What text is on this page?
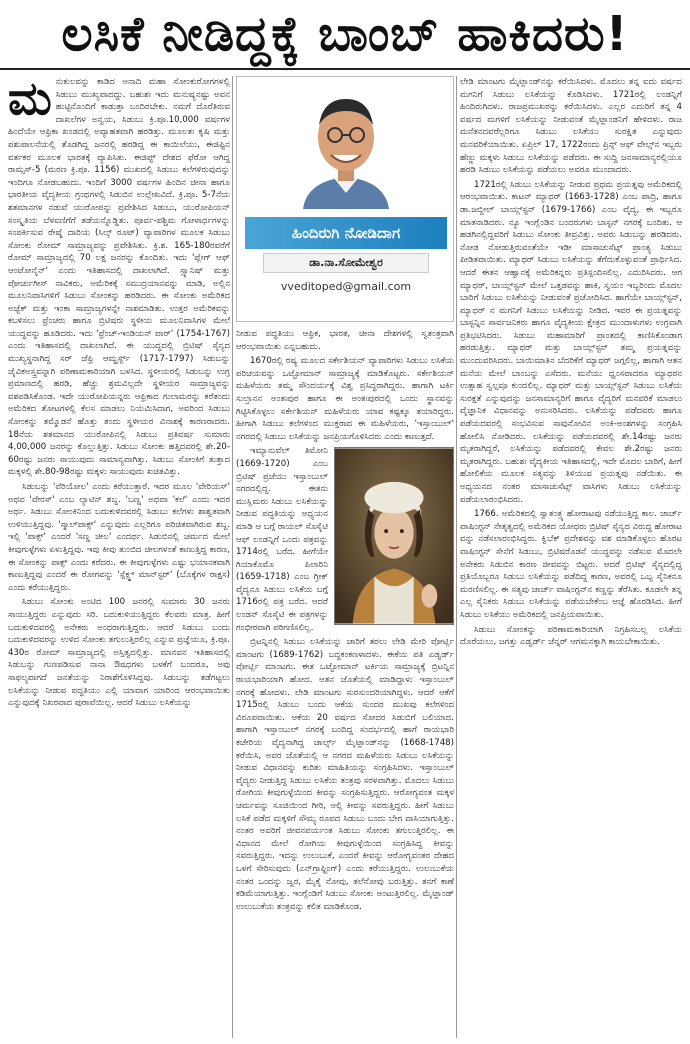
ಲಸಿಕೆ ನೀಡಿದ್ದಕ್ಕೆ ಬಾಂಬ್ ಹಾಕಿದರು!

ಮನುಕುಲವನ್ನು ಕಾಡಿದ ಅನಾದಿ ಮಹಾ ಸೋಂಕುರೋಗಗಳಲ್ಲಿ ಸಿಡುಬು ಮುಖ್ಯವಾದದ್ದು. ಬಹುಶಃ ಇದು ಮನುಷ್ಯನಷ್ಟು ಅವನ ಹುಟ್ಟಿನೊಂದಿಗೆ ಕಾಡುತ್ತಾ ಬಂದಿರಬೇಕು. ನಮಗೆ ದೊರೆತಿರುವ ದಾಖಲೆಗಳ ಅನ್ವಯ, ಸಿಡುಬು ಕ್ರಿ.ಪೂ.10,000 ವರ್ಷಗಳ ಹಿಂದೆಯೇ ಆಫ್ರಿಕಾ ಖಂಡದಲ್ಲಿ ಅವ್ಯಾಹತವಾಗಿ ಹರಡಿತ್ತು. ಮೂಲತಃ ಕೃಷಿ ಮತ್ತು ಪಶುಪಾಲನೆಯಲ್ಲಿ ತೊಡಗಿದ್ದ ಜನರಲ್ಲಿ ಹರಡಿದ್ದ ಈ ಕಾಯಿಲೆಯು, ಈಜಿಪ್ಟಿನ ವರ್ತಕರ ಮೂಲಕ ಭಾರತಕ್ಕೆ ವ್ಯಾಪಿಸಿತು. ಈಜಿಪ್ಟ್ ದೇಶದ ಫೆರೋ ಆಗಿದ್ದ ರಾಮ್ಸಸ್-5 (ಮರಣ ಕ್ರಿ.ಪೂ. 1156) ಮುಖದಲ್ಲಿ ಸಿಡುಬು ಕಲೆಗಳಿರುವುದನ್ನು ಇಂದಿಗೂ ನೋಡಬಹುದು. ಇಂದಿಗೆ 3000 ವರ್ಷಗಳ ಹಿಂದಿನ ಚೀನಾ ಹಾಗೂ ಭಾರತೀಯ ವೈದ್ಯಕೀಯ ಗ್ರಂಥಗಳಲ್ಲಿ ಸಿಡುಬಿನ ಉಲ್ಲೇಖವಿದೆ. ಕ್ರಿ.ಪೂ. 5-7ನೆಯ ಶತಮಾನಗಳ ನಡುವೆ ಯುರೋಪನ್ನು ಪ್ರವೇಶಿಸಿದ ಸಿಡುಬು, ಯುರೋಪಿಯನ್ ಸಂಸ್ಕೃತಿಯ ಬೆಳವಣಿಗೆಗೆ ತಡೆಯನ್ನೊಡ್ಡಿತು. ಪೂರ್ವ-ಪಶ್ಚಿಮ ಗೋಳಾರ್ಧಗಳನ್ನು ಸಂಪರ್ಕಿಸುವ ರೇಷ್ಮೆ ದಾರಿಯ (ಸಿಲ್ಕ್ ರೂಟ್) ವ್ಯಾಪಾರಿಗಳ ಮೂಲಕ ಸಿಡುಬು ಸೋಂಕು ರೋಮ್ ಸಾಮ್ರಾಜ್ಯವನ್ನು ಪ್ರವೇಶಿಸಿತು. ಕ್ರಿ.ಶ. 165-180ರವರೆಗೆ ರೋಮ್ ಸಾಮ್ರಾಜ್ಯದಲ್ಲಿ 70 ಲಕ್ಷ ಜನರನ್ನು ಕೊಂದಿತು. ಇದು 'ಪ್ಲೇಗ್ ಆಫ್ ಆಂಟೋನೈನ್' ಎಂದು ಇತಿಹಾಸದಲ್ಲಿ ದಾಖಲಾಗಿದೆ. ಸ್ಪ್ಯಾನಿಷ್ ಮತ್ತು ಪೋರ್ಚುಗೀಸ್ ನಾವಿಕರು, ಅಮೆರಿಕಕ್ಕೆ ಸಮುದ್ರಯಾನವನ್ನು ಮಾಡಿ, ಅಲ್ಲಿನ ಮೂಲನಿವಾಸಿಗಳಿಗೆ ಸಿಡುಬು ಸೋಂಕನ್ನು ಹರಡಿದರು. ಈ ಸೋಂಕು ಅಮೆರಿಕದ ಅಜ್ಟೆಕ್ ಮತ್ತು ಇಂಕಾ ಸಾಮ್ರಾಜ್ಯಗಳನ್ನೇ ನಾಶಮಾಡಿತು. ಉತ್ತರ ಅಮೆರಿಕವನ್ನು ಕಬಳಿಸಲು ಫ್ರೆಂಚರು ಹಾಗೂ ಬ್ರಿಟಿಷರು ಸ್ಥಳೀಯ ಮೂಲನಿವಾಸಿಗಳ ಮೇಲೆ ಯುದ್ಧವನ್ನು ಹೂಡಿದರು. ಇದು 'ಫ್ರೆಂಚ್-ಇಂಡಿಯನ್ ವಾರ್' (1754-1767) ಎಂದು ಇತಿಹಾಸದಲ್ಲಿ ದಾಖಲಾಗಿದೆ. ಈ ಯುದ್ಧದಲ್ಲಿ ಬ್ರಿಟಿಷ್ ಸೈನ್ಯದ ಮುಖ್ಯಸ್ಥನಾಗಿದ್ದ ಸರ್ ಜೆಫ್ರಿ ಆಮ್ಹರ್ಸ್ಟ್ (1717-1797) ಸಿಡುಬನ್ನು ಜೈವಿಕಅಸ್ತ್ರವನ್ನಾಗಿ ಪರಿಣಾಮಕಾರಿಯಾಗಿ ಬಳಸಿದ. ಸ್ಥಳೀಯರಲ್ಲಿ ಸಿಡುಬನ್ನು ಉಗ್ರ ಪ್ರಮಾಣದಲ್ಲಿ ಹರಡಿ, ಹೆಚ್ಚು ಶ್ರಮವಿಲ್ಲದೇ ಸ್ಥಳೀಯರ ಸಾಮ್ರಾಜ್ಯವನ್ನು ವಶಪಡಿಸಿಕೊಂಡ. ಇದೇ ಯುರೋಪಿಯನ್ನರು ಆಫ್ರಿಕಾದ ಗುಲಾಮರನ್ನು ಕರೆತಂದು ಅಮೆರಿಕದ ತೋಟಗಳಲ್ಲಿ ಕೆಲಸ ಮಾಡಲು ನಿಯಮಿಸಿದಾಗ, ಅವರಿಂದ ಸಿಡುಬು ಸೋಂಕನ್ನು ತಮ್ಮೊಡನೆ ಹೊತ್ತು ತಂದು ಸ್ಥಳೀಯರ ವಿನಾಶಕ್ಕೆ ಕಾರಣರಾದರು. 18ನೆಯ ಶತಮಾನದ ಯುರೋಪಿನಲ್ಲಿ ಸಿಡುಬು ಪ್ರತಿವರ್ಷ ಸುಮಾರು 4,00,000 ಜನರನ್ನು ಕೊಲ್ಲುತ್ತಿತ್ತು. ಸಿಡುಬು ಸೋಂಕು ಹತ್ತಿದವರಲ್ಲಿ ಶೇ.20-60ರಷ್ಟು ಜನರು ಸಾಯುವುದು ಸಾಮಾನ್ಯವಾಗಿತ್ತು. ಸಿಡುಬು ಸೋಂಕಿಗೆ ತುತ್ತಾದ ಮಕ್ಕಳಲ್ಲಿ ಶೇ.80-98ರಷ್ಟು ಮಕ್ಕಳು ಸಾಯುವುದು ಖಚಿತವಿತ್ತು.

ಸಿಡುಬನ್ನು 'ವೆರಿಯೋಲ' ಎಂದು ಕರೆಯುತ್ತಾರೆ. ಇದರ ಮೂಲ 'ವೇರಿಯಸ್' ಅಥವ 'ವೇರಸ್' ಎಂಬ ಲ್ಯಾಟಿನ್ ಶಬ್ದ. 'ಬಣ್ಣ' ಅಥವಾ 'ಕಲೆ' ಎಂದು ಇದರ ಅರ್ಥ. ಸಿಡುಬು ಸೋಂಕಿನಿಂದ ಬದುಕುಳಿದವರಲ್ಲಿ ಸಿಡುಬು ಕಲೆಗಳು ಶಾಶ್ವತವಾಗಿ ಉಳಿಯುತ್ತಿದ್ದವು. 'ಸ್ಮಾಲ್‌ಪಾಕ್ಸ್' ಎನ್ನುವುದು ಎಲ್ಲರಿಗೂ ಪರಿಚಿತವಾಗಿರುವ ಶಬ್ದ. ಇಲ್ಲಿ 'ಪಾಕ್ಸ್' ಎಂದರೆ 'ಸಣ್ಣ ಚೀಲ' ಎಂದರ್ಥ. ಸಿಡುಬಿನಲ್ಲಿ ಚರ್ಮದ ಮೇಲೆ ಕೀವುಗುಳ್ಳೆಗಳು ಏಳುತ್ತಿದ್ದವು. ಇವು ಕೀವು ತುಂಬಿದ ಚೀಲಗಳಂತೆ ಕಾಣುತ್ತಿದ್ದ ಕಾರಣ, ಈ ಸೋಂಕನ್ನು ಪಾಕ್ಸ್ ಎಂದು ಕರೆದರು. ಈ ಕೀವುಗುಳ್ಳೆಗಳು ಎಷ್ಟು ಭಯಾನಕವಾಗಿ ಕಾಣುತ್ತಿದ್ದವು ಎಂದರೆ ಈ ರೋಗವನ್ನು 'ಸ್ಪೆಕ್ಲ್ಡ್ ಮಾನ್‌ಸ್ಟರ್' (ಬೊಕ್ಕೆಗಳ ರಾಕ್ಷಸ) ಎಂದು ಕರೆಯುತ್ತಿದ್ದರು.

ಸಿಡುಬು ಸೋಂಕು ಅಂಟಿದ 100 ಜನರಲ್ಲಿ ಸುಮಾರು 30 ಜನರು ಸಾಯುತ್ತಿದ್ದರು ಎನ್ನುವುದು ಸರಿ. ಬದುಕುಳಿಯುತ್ತಿದ್ದರು ಕೆಲವರು ಮಾತ್ರ. ಹೀಗೆ ಬದುಕುಳಿದವರಲ್ಲಿ ಅನೇಕರು ಅಂಧರಾಗುತ್ತಿದ್ದರು. ಆದರೆ ಸಿಡುಬು ಬಂದು ಬದುಕುಳಿದವರನ್ನು ಉಳಿದ ಸೋಂಕು ತಗುಲುತ್ತಿರಲಿಲ್ಲ ಎನ್ನುವ ಪ್ರಜ್ಞೆಯೂ, ಕ್ರಿ.ಪೂ. 430ರ ರೋಮ್ ಸಾಮ್ರಾಜ್ಯದಲ್ಲಿ ಅಸ್ತಿತ್ವದಲ್ಲಿತ್ತು. ಮಾನವನ ಇತಿಹಾಸದಲ್ಲಿ ಸಿಡುಬನ್ನು ಗುಣಪಡಿಸುವ ನಾನಾ ಔಷಧಗಳು ಬಳಕೆಗೆ ಬಂದರೂ, ಅವು ಸಾಫಲ್ಯವಾಗದೆ ಜನತೆಯನ್ನು ನಿರಾಶೆಗೊಳಿಸಿದ್ದವು. ಸಿಡುಬನ್ನು ತಡೆಗಟ್ಟಲು ಲಸಿಕೆಯನ್ನು ನೀಡುವ ಪದ್ಧತಿಯು ಎಲ್ಲಿ ಯಾವಾಗ ಯಾರಿಂದ ಆರಂಭವಾಯಿತು ಎನ್ನುವುದಕ್ಕೆ ನಿಖರವಾದ ಪುರಾವೆಯಿಲ್ಲ. ಆದರೆ ಸಿಡುಬು ಲಸಿಕೆಯನ್ನು

ಹಿಂದಿರುಗಿ ನೋಡಿದಾಗ
ಡಾ.ನಾ.ಸೋಮೇಶ್ವರ
vveditoped@gmail.com

ನೀಡುವ ಪದ್ಧತಿಯು ಆಫ್ರಿಕ, ಭಾರತ, ಚೀನಾ ದೇಶಗಳಲ್ಲಿ ಸ್ವತಂತ್ರವಾಗಿ ಆರಂಭವಾಯಿತು ಎನ್ನಬಹುದು.

1670ರಲ್ಲಿ ರಷ್ಯ ಮೂಲದ ಸರ್ಕೇಶಿಯನ್ ವ್ಯಾಪಾರಿಗಳು ಸಿಡುಬು ಲಸಿಕೆಯ ಪರಿಚಯವನ್ನು ಒಟ್ಟೋಮಾನ್ ಸಾಮ್ರಾಜ್ಯಕ್ಕೆ ಮಾಡಿಕೊಟ್ಟರು. ಸರ್ಕೇಶಿಯನ್ ಮಹಿಳೆಯರು ತಮ್ಮ ಸೌಂದರ್ಯಕ್ಕೆ ವಿಶ್ವ ಪ್ರಸಿದ್ಧರಾಗಿದ್ದರು. ಹಾಗಾಗಿ ಟರ್ಕಿ ಸುಲ್ತಾನನ ಅಂತಃಪುರ ಹಾಗೂ ಈ ಅಂತಃಪುರದಲ್ಲಿ ಒಂದು ಸ್ಥಾನವನ್ನು ಗಿಟ್ಟಿಸಿಕೊಳ್ಳಲು ಸರ್ಕೇಶಿಯನ್ ಮಹಿಳೆಯರು ಯಾವ ಕಷ್ಟಕ್ಕೂ ತಯಾರಿದ್ದರು. ಹೀಗಾಗಿ ಸಿಡುಬು ಕಲೆಗಳಿಂದ ಮುಕ್ತರಾದ ಈ ಮಹಿಳೆಯರು, 'ಇಸ್ತಾಂಬುಲ್' ನಗರದಲ್ಲಿ ಸಿಡುಬು ಲಸಿಕೆಯನ್ನು ಜನಪ್ರಿಯಗೊಳಿಸಿದರು ಎಂದು ಕಾಣುತ್ತದೆ.

ಇಮ್ಯಾನುವೆಲ್ ತಿಮೋನಿ (1669-1720) ಎಂಬ ಬ್ರಿಟಿಷ್ ಪ್ರಜೆಯು ಇಸ್ತಾಂಬುಲ್ ನಗರದಲ್ಲಿದ್ದ. ಈತನು ಮುಸ್ಲಿಮರು ಸಿಡುಬು ಲಸಿಕೆಯನ್ನು ನೀಡುವ ಪದ್ಧತಿಯನ್ನು ಅಧ್ಯಯನ ಮಾಡಿ ಆ ಬಗ್ಗೆ ರಾಯಲ್ ಸೊಸೈಟಿ ಆಫ್ ಲಂಡನ್ನಿಗೆ ಒಂದು ಪತ್ರವನ್ನು 1714ರಲ್ಲಿ ಬರೆದ. ಹೀಗೆಯೇ ಗಿಯಾಕೊಮೊ ಪಿಲಾರಿನಿ (1659-1718) ಎಂಬ ಗ್ರೀಕ್ ವೈದ್ಯನೂ ಸಿಡುಬು ಲಸಿಕೆಯ ಬಗ್ಗೆ 1716ರಲ್ಲಿ ಪತ್ರ ಬರೆದ. ಆದರೆ ಲಂಡನ್ ಸೊಸೈಟಿ ಈ ಪತ್ರಗಳನ್ನು ಗಂಭೀರವಾಗಿ ಪರಿಗಣಿಸಲಿಲ್ಲ.

ಬ್ರಿಟನ್ನಿನಲ್ಲಿ ಸಿಡುಬು ಲಸಿಕೆಯನ್ನು ಜಾರಿಗೆ ತರಲು ಲೇಡಿ ಮೇರಿ ವೋರ್ಟ್ಲಿ ಮಾಂಟಗು (1689-1762) ಬದ್ಧಕಂಕಣಳಾದಳು. ಈಕೆಯ ಪತಿ ಎಡ್ವರ್ಡ್ ವೋರ್ಟ್ಲಿ ಮಾಂಟಗು. ಈತ ಒಟ್ಟೋಮಾನ್ ಟರ್ಕಿಯ ಸಾಮ್ರಾಜ್ಯಕ್ಕೆ ಬ್ರಿಟನ್ನಿನ ರಾಯಭಾರಿಯಾಗಿ ಹೋದ. ಆತನ ಜೊತೆಯಲ್ಲಿ ಮಾಡಿದ್ದಾಳು ಇಸ್ತಾಂಬುಲ್ ನಗರಕ್ಕೆ ಹೋದಳು. ಲೇಡಿ ಮಾಂಟಗು ಸುರಸುಂದರಿಯಾಗಿದ್ದಳು. ಆದರೆ ಆಕೆಗೆ 1715ರಲ್ಲಿ ಸಿಡುಬು ಬಂದು ಆಕೆಯ ಸುಂದರ ಮುಖವು ಕಲೆಗಳಿಂದ ವಿರೂಪವಾಯಿತು. ಆಕೆಯ 20 ವರ್ಷದ ಸೋದರ ಸಿಡುಬಿಗೆ ಬಲಿಯಾದ. ಹಾಗಾಗಿ ಇಸ್ತಾಂಬುಲ್ ನಗರಕ್ಕೆ ಬಂದಿದ್ದ ಸಂದರ್ಭದಲ್ಲಿ ಹಾಗೆ ರಾಯಭಾರಿ ಕಚೇರಿಯ ವೈದ್ಯನಾಗಿದ್ದ ಚಾರ್ಲ್ಸ್ ಮೈಟ್ಲಾಂಡ್‌ನನ್ನು (1668-1748) ಕರೆಯಿಸಿ, ಅವರ ಜೊತೆಯಲ್ಲಿ ಆ ನಗರದ ಮಹಿಳೆಯರು ಸಿಡುಬು ಲಸಿಕೆಯನ್ನು ನೀಡುವ ವಿಧಾನವನ್ನು ಕುರಿತು ಮಾಹಿತಿಯನ್ನು ಸಂಗ್ರಹಿಸಿದಳು. ಇಸ್ತಾಂಬುಲ್ ವೈದ್ಯರು ನೀಡುತ್ತಿದ್ದ ಸಿಡುಬು ಲಸಿಕೆಯ ತಂತ್ರವು ಸರಳವಾಗಿತ್ತು. ಮೊದಲು ಸಿಡುಬು ರೋಗಿಯ ಕೀವುಗುಳ್ಳೆಯಿಂದ ಕೀವನ್ನು ಸಂಗ್ರಹಿಸುತ್ತಿದ್ದರು. ಆರೋಗ್ಯವಂತ ಮಕ್ಕಳ ಚರ್ಮವನ್ನು ಸೂಜಿಯಿಂದ ಗೀರಿ, ಅಲ್ಲಿ ಕೀವನ್ನು ಸವರುತ್ತಿದ್ದರು. ಹೀಗೆ ಸಿಡುಬು ಲಸಿಕೆ ಪಡೆದ ಮಕ್ಕಳಿಗೆ ಸೌಮ್ಯ ರೂಪದ ಸಿಡುಬು ಬಂದು ಬೇಗ ವಾಸಿಯಾಗುತ್ತಿತ್ತು. ನಂತರ ಅವರಿಗೆ ಜೀವನಪರ್ಯಂತ ಸಿಡುಬು ಸೋಂಕು ತಗುಲುತ್ತಿರಲಿಲ್ಲ. ಈ ವಿಧಾನದ ಮೇಲೆ ರೋಗಿಯ ಕೀವುಗುಳ್ಳೆಯಿಂದ ಸಂಗ್ರಹಿಸಿದ್ದ ಕೀವನ್ನು ಸವರುತ್ತಿದ್ದರು. ಇದನ್ನು ಉಲುಬುಕೆ, ಎಂದರೆ ಕೀವನ್ನು ಆರೋಗ್ಯವಂತರ ದೇಹದ ಒಳಗೆ ಸೇರಿಸುವುದು (ಎನ್‌ಗ್ರಾಫ್ಟಿಂಗ್) ಎಂದು ಕರೆಯುತ್ತಿದ್ದರು. ಉಲುಬುಕೆಯ ನಂತರ ಒಂದನ್ನು ಜ್ವರ, ಮೈಕೈ ನೋವು, ತಲೆನೋವು ಬರುತ್ತಿತ್ತು. ತನಗೆ ಕಾಣೆ ಕಡಿಮೆಯಾಗುತ್ತಿತ್ತು. ಇಂಗ್ಲೆಂಡಿಗೆ ಸಿಡುಬು ಸೋಂಕು ಅಂಟುತ್ತಿರಲಿಲ್ಲ. ಮೈಟ್ಲಾಂಡ್ ಉಲುಬುಕೆಯ ತಂತ್ರವನ್ನು ಕಲಿತ ಮಾಡಿಕೊಂಡ.

ಲೇಡಿ ಮಾಂಟಗು ಮೈಟ್ಲಾಂಡ್‌ನನ್ನು ಕರೆಯಿಸಿದಳು. ಮೊದಲು ತನ್ನ ಐದು ವರ್ಷದ ಮಗನಿಗೆ ಸಿಡುಬು ಲಸಿಕೆಯನ್ನು ಕೊಡಿಸಿದಳು. 1721ರಲ್ಲಿ ಲಂಡನ್ನಿಗೆ ಹಿಂದಿರುಗಿದಳು. ರಾಜಪ್ರಮುಖರನ್ನು ಕರೆಯಿಸಿದಳು. ಎಲ್ಲರ ಎದುರಿಗೆ ತನ್ನ 4 ವರ್ಷದ ಮಗಳಿಗೆ ಲಸಿಕೆಯನ್ನು ನೀಡುವಂತೆ ಮೈಟ್ಲಾಂಡನಿಗೆ ಹೇಳಿದಳು. ರಾಜ ಮನೆತನದವರೆಲ್ಲರಿಗೂ ಸಿಡುಬು ಲಸಿಕೆಯು ಸುರಕ್ಷಿತ ಎನ್ನುವುದು ಮನವರಿಕೆಯಾಯಿತು. ಏಪ್ರಿಲ್ 17, 1722ರಂದು ಪ್ರಿನ್ಸ್ ಆಫ್ ವೇಲ್ಸ್‌ನ ಇಬ್ಬರು ಹೆಣ್ಣು ಮಕ್ಕಳು ಸಿಡುಬು ಲಸಿಕೆಯನ್ನು ಪಡೆದರು. ಈ ಸುದ್ದಿ ಜನಸಾಮಾನ್ಯರಲ್ಲಿಯೂ ಹರಡಿ ಸಿಡುಬು ಲಸಿಕೆಯನ್ನು ಪಡೆಯಲು ಅವರೂ ಮುಂದಾದರು.

1721ರಲ್ಲಿ ಸಿಡುಬು ಲಸಿಕೆಯನ್ನು ನೀಡುವ ಪ್ರಥಮ ಪ್ರಯತ್ನವು ಅಮೆರಿಕದಲ್ಲಿ ಆರಂಭವಾಯಿತು. ಕಾಟನ್ ಮ್ಯಾಥರ್ (1663-1728) ಎಂಬ ಪಾದ್ರಿ, ಹಾಗೂ ಡಾ.ಜಬ್ದೀಲ್ ಬಾಯ್ಲ್‌ಸ್ಟನ್ (1679-1766) ಎಂಬ ವೈದ್ಯ, ಈ ಇಬ್ಬರೂ ಮಾತನಾಡಿದರು. ನ್ಯೂ ಇಂಗ್ಲೆಂಡಿನ ಬಂದರುಗಳು ಬಾಸ್ಟನ್ ನಗರಕ್ಕೆ ಬಂದಿತು. ಆ ಹಡಗಿನಲ್ಲಿದ್ದವರಿಗೆ ಸಿಡುಬು ಸೋಂಕು ತೀವ್ರವಿತ್ತು. ಅವರು ಸಿಡುಬನ್ನು ಹರಡಿದರು. ನೋಡ ನೋಡುತ್ತಿರುವಂತೆಯೇ ಇಡೀ ಮಾಸಾಚುಸೆಟ್ಸ್ ಪ್ರಾಂತ್ಯ ಸಿಡುಬು ಪೀಡಿತವಾಯಿತು. ಮ್ಯಾಥರ್ ಸಿಡುಬು ಲಸಿಕೆಯನ್ನು ತೆಗೆದುಕೊಳ್ಳುವಂತೆ ಪ್ರಾರ್ಥಿಸಿದ. ಆದರೆ ಈತನ ಆಹ್ವಾನಕ್ಕೆ ಅಮೆರಿಕನ್ನರು ಪ್ರತಿಸ್ಪಂದಿಸಲಿಲ್ಲ. ಎದುರಿಸಿದರು. ಆಗ ಮ್ಯಾಥರ್, ಬಾಯ್ಲ್‌ಸ್ಟನ್ ಮೇಲೆ ಒತ್ತಡವನ್ನು ಹಾಕಿ, ಸ್ವಯಂ ಇಬ್ಬರಿಂದು ಮೊದಲ ಬಾರಿಗೆ ಸಿಡುಬು ಲಸಿಕೆಯನ್ನು ನೀಡುವಂತೆ ಪ್ರಚೋದಿಸಿದ. ಹಾಗೆಯೇ ಬಾಯ್ಲ್‌ಸ್ಟನ್, ಮ್ಯಾಥರ್ ನ ಮಗನಿಗೆ ಸಿಡುಬು ಲಸಿಕೆಯನ್ನು ನೀಡಿದ. ಇವರ ಈ ಪ್ರಯತ್ನವನ್ನು ಬಾಸ್ಟನ್ನಿನ ಸಾರ್ವಜನಿಕರು ಹಾಗೂ ವೈದ್ಯಕೀಯ ಕ್ಷೇತ್ರದ ಮುಂದಾಳುಗಳು ಉಗ್ರವಾಗಿ ಪ್ರತಿಭಟಿಸಿದರು. ಸಿಡುಬು ಮಹಾಮಾರಿಗೆ ಪ್ರಾಂತದಲ್ಲಿ ಕಾಣಿಸಿಕೊಂಡಾಗ ಹರಡುತ್ತಿತ್ತು. ಮ್ಯಾಥರ್ ಮತ್ತು ಬಾಯ್ಲ್‌ಸ್ಟನ್ ತಮ್ಮ ಪ್ರಯತ್ನವನ್ನು ಮುಂದುವರಿಸಿದರು. ಬಾಯಿಮಾತಿನ ಬೆದರಿಕೆಗೆ ಮ್ಯಾಥರ್ ಜಗ್ಗಲಿಲ್ಲ, ಹಾಗಾಗಿ ಆತನ ಮನೆಯ ಮೇಲೆ ಬಾಂಬನ್ನು ಎಸೆದರು. ಮನೆಯು ಧ್ವಂಸವಾದರೂ ಮ್ಯಾಥರನ ಉತ್ಸಾಹ ಸ್ವಲ್ಪವೂ ಕುಂದಲಿಲ್ಲ. ಮ್ಯಾಥರ್ ಮತ್ತು ಬಾಯ್ಲ್‌ಸ್ಟನ್ ಸಿಡುಬು ಲಸಿಕೆಯ ಸುರಕ್ಷತೆ ಎನ್ನುವುದನ್ನು ಜನಸಾಮಾನ್ಯರಿಗೆ ಹಾಗೂ ವೈದ್ಯರಿಗೆ ಮನವರಿಕೆ ಮಾಡಲು ವೈಜ್ಞಾನಿಕ ವಿಧಾನವನ್ನು ಅನುಸರಿಸಿದರು. ಲಸಿಕೆಯನ್ನು ಪಡೆದವರು ಹಾಗೂ ಪಡೆಯದವರಲ್ಲಿ ಸಂಭವಿಸುವ ಸಾವುನೋವಿನ ಅಂಕಿ-ಅಂಶಗಳನ್ನು ಸಂಗ್ರಹಿಸಿ ಹೋಲಿಸಿ ನೋಡಿದರು. ಲಸಿಕೆಯನ್ನು ಪಡೆಯದವರಲ್ಲಿ ಶೇ.14ರಷ್ಟು ಜನರು ಮೃತರಾಗಿದ್ದರೆ, ಲಸಿಕೆಯನ್ನು ಪಡೆದವರಲ್ಲಿ ಕೇವಲ ಶೇ.2ರಷ್ಟು ಜನರು ಮೃತರಾಗಿದ್ದರು. ಬಹುಶಃ ವೈದ್ಯಕೀಯ ಇತಿಹಾಸದಲ್ಲಿ, ಇದೇ ಮೊದಲ ಬಾರಿಗೆ, ಹೀಗೆ ಹೋಲಿಕೆಯ ಮೂಲಕ ಸತ್ಯವನ್ನು ತಿಳಿಯುವ ಪ್ರಯತ್ನವು ನಡೆಯಿತು. ಈ ಅಧ್ಯಯನದ ನಂತರ ಮಾಸಾಚುಸೆಟ್ಸ್ ವಾಸಿಗಳು ಸಿಡುಬು ಲಸಿಕೆಯನ್ನು ಪಡೆಯಲಾರಂಭಿಸಿದರು.

1766. ಅಮೆರಿಕದಲ್ಲಿ ಸ್ವಾತಂತ್ರ್ಯ ಹೋರಾಟವು ನಡೆಯುತ್ತಿದ್ದ ಕಾಲ. ಜಾರ್ಜ್ ವಾಷಿಂಗ್ಟನ್ ನೇತೃತ್ವದಲ್ಲಿ ಅಮೆರಿಕದ ಯೋಧರು ಬ್ರಿಟಿಷ್ ಸೈನ್ಯದ ವಿರುದ್ಧ ಹೋರಾಟ ವನ್ನು ನಡೆಸಲಾರಂಭಿಸಿದ್ದರು. ಕ್ವಿಬೆಕ್ ಪ್ರದೇಶವನ್ನು ವಶ ಮಾಡಿಕೊಳ್ಳಲು ಹೊರಟ ವಾಷಿಂಗ್ಟನ್ ಸೇನೆಗೆ ಸಿಡುಬು, ಬ್ರಿಟಿಷರೊಡನೆ ಯುದ್ಧವನ್ನು ನಡೆಸುವ ಮೊದಲೇ ಅನೇಕರು ಸಿಡುಬಿನ ಕಾರಣ ಜೀವವನ್ನು ಬಿಟ್ಟರು. ಆದರೆ ಬ್ರಿಟಿಷ್ ಸೈನ್ಯದಲ್ಲಿದ್ದ ಪ್ರತಿಯೊಬ್ಬರೂ ಸಿಡುಬು ಲಸಿಕೆಯನ್ನು ಪಡೆದಿದ್ದ ಕಾರಣ, ಅವರಲ್ಲಿ ಒಬ್ಬ ಸೈನಿಕನೂ ಮರಣಿಸಲಿಲ್ಲ. ಈ ಸತ್ಯವು ಜಾರ್ಜ್ ವಾಷಿಂಗ್ಟನ್‌ನ ಕಣ್ಣನ್ನು ತೆರೆಸಿತು. ಕೂಡಲೇ ತನ್ನ ಎಲ್ಲ ಸೈನಿಕರು ಸಿಡುಬು ಲಸಿಕೆಯನ್ನು ಪಡೆಯಬೇಕೆಂಬ ಆಜ್ಞೆ ಹೊರಡಿಸಿದ. ಹೀಗೆ ಸಿಡುಬು ಲಸಿಕೆಯು ಅಮೆರಿಕದಲ್ಲಿ ಜನಪ್ರಿಯವಾಯಿತು.

ಸಿಡುಬು ಸೋಂಕನ್ನು ಪರಿಣಾಮಕಾರಿಯಾಗಿ ನಿಗ್ರಹಿಸಬಲ್ಲ ಲಸಿಕೆಯ ದೊರೆಯಲು, ಜಗತ್ತು ಎಡ್ವರ್ಡ್ ಜೆನ್ನರ್ ಆಗಮನಕ್ಕಾಗಿ ಕಾಯಬೇಕಾಯಿತು.
